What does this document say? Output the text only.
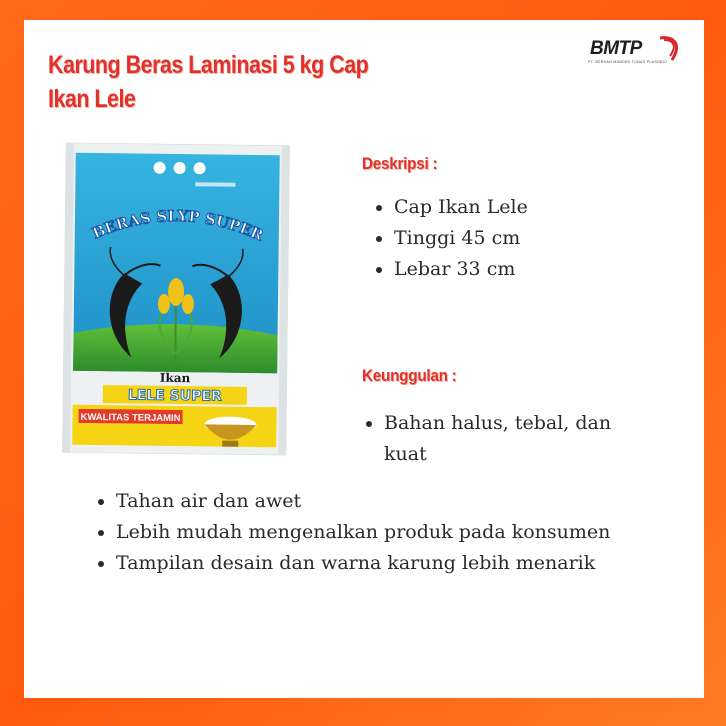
Karung Beras Laminasi 5 kg Cap Ikan Lele
BMTP
PT. BERKAH MANDIRI TUNAS PLASINDO
BERAS SLYP SUPER
Ikan
LELE SUPER
KWALITAS TERJAMIN
Deskripsi :
Cap Ikan Lele
Tinggi 45 cm
Lebar 33 cm
Keunggulan :
Bahan halus, tebal, dan kuat
Tahan air dan awet
Lebih mudah mengenalkan produk pada konsumen
Tampilan desain dan warna karung lebih menarik
